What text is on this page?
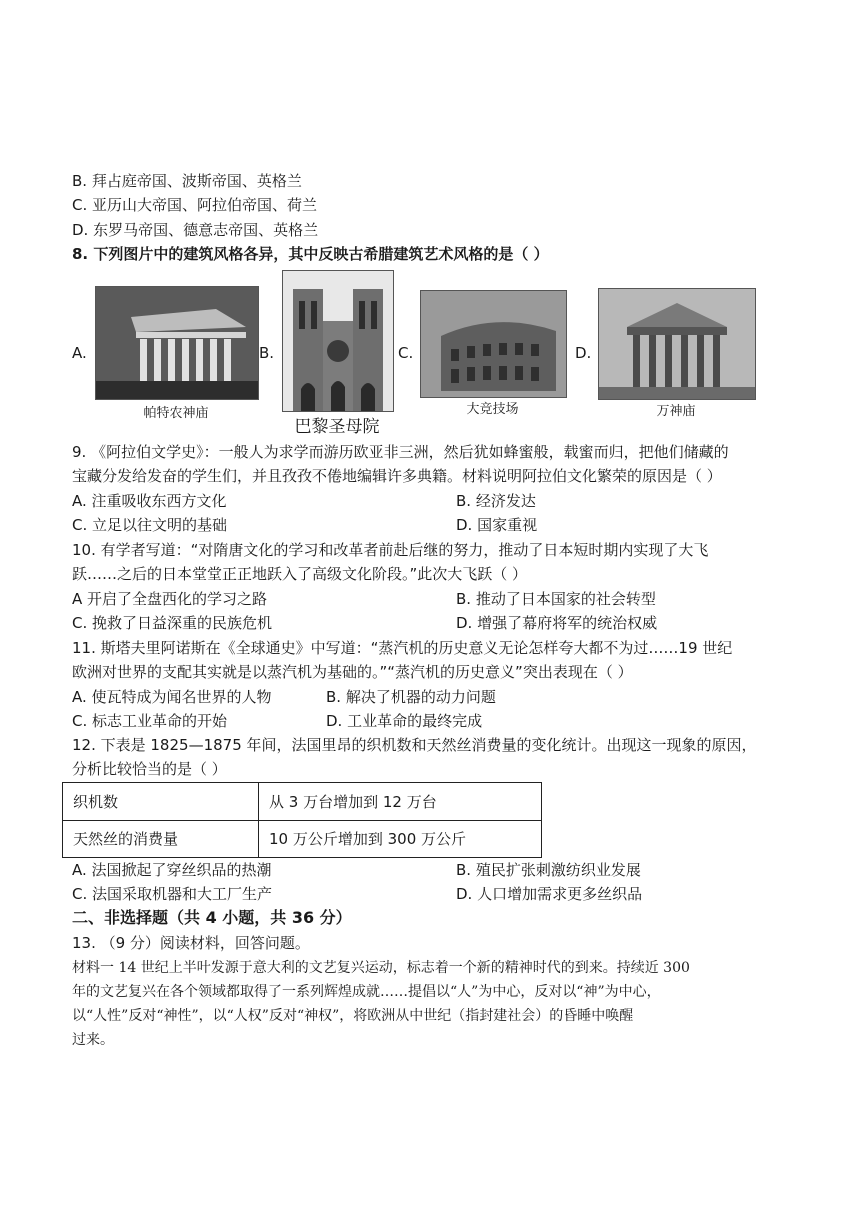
B. 拜占庭帝国、波斯帝国、英格兰
C. 亚历山大帝国、阿拉伯帝国、荷兰
D. 东罗马帝国、德意志帝国、英格兰
8. 下列图片中的建筑风格各异，其中反映古希腊建筑艺术风格的是（ ）
A.
帕特农神庙
B.
巴黎圣母院
C.
大竞技场
D.
万神庙
9. 《阿拉伯文学史》：一般人为求学而游历欧亚非三洲，然后犹如蜂蜜般，载蜜而归，把他们储藏的
宝藏分发给发奋的学生们，并且孜孜不倦地编辑许多典籍。材料说明阿拉伯文化繁荣的原因是（ ）
A. 注重吸收东西方文化	B. 经济发达
C. 立足以往文明的基础	D. 国家重视
10. 有学者写道：“对隋唐文化的学习和改革者前赴后继的努力，推动了日本短时期内实现了大飞
跃……之后的日本堂堂正正地跃入了高级文化阶段。”此次大飞跃（ ）
A 开启了全盘西化的学习之路	B. 推动了日本国家的社会转型
C. 挽救了日益深重的民族危机	D. 增强了幕府将军的统治权威
11. 斯塔夫里阿诺斯在《全球通史》中写道：“蒸汽机的历史意义无论怎样夸大都不为过……19 世纪
欧洲对世界的支配其实就是以蒸汽机为基础的。”“蒸汽机的历史意义”突出表现在（ ）
A. 使瓦特成为闻名世界的人物	B. 解决了机器的动力问题
C. 标志工业革命的开始	D. 工业革命的最终完成
12. 下表是 1825—1875 年间，法国里昂的织机数和天然丝消费量的变化统计。出现这一现象的原因，
分析比较恰当的是（ ）
织机数	从 3 万台增加到 12 万台
天然丝的消费量	10 万公斤增加到 300 万公斤
A. 法国掀起了穿丝织品的热潮	B. 殖民扩张刺激纺织业发展
C. 法国采取机器和大工厂生产	D. 人口增加需求更多丝织品
二、非选择题（共 4 小题，共 36 分）
13. （9 分）阅读材料，回答问题。
材料一 14 世纪上半叶发源于意大利的文艺复兴运动，标志着一个新的精神时代的到来。持续近 300
年的文艺复兴在各个领域都取得了一系列辉煌成就……提倡以“人”为中心，反对以“神”为中心，
以“人性”反对“神性”，以“人权”反对“神权”，将欧洲从中世纪（指封建社会）的昏睡中唤醒
过来。
